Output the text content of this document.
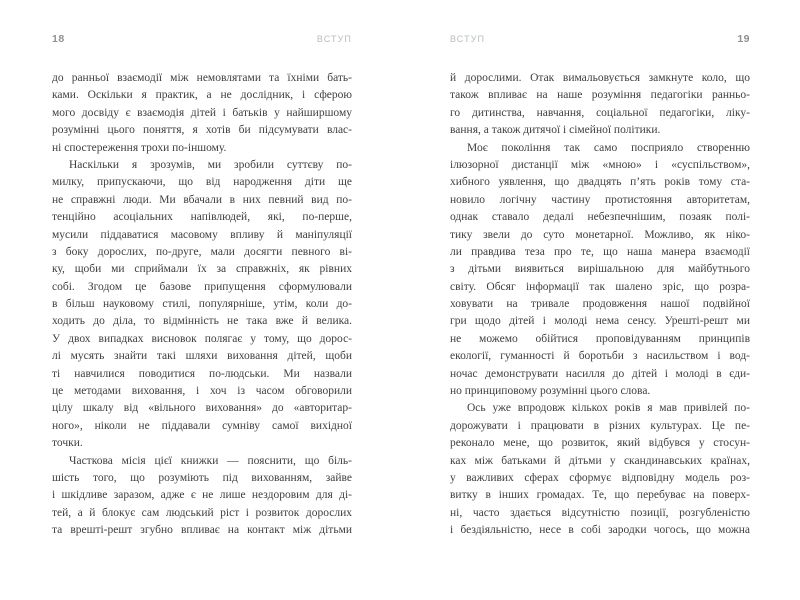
18	ВСТУП
до ранньої взаємодії між немовлятами та їхніми бать-
ками. Оскільки я практик, а не дослідник, і сферою
мого досвіду є взаємодія дітей і батьків у найширшому
розумінні цього поняття, я хотів би підсумувати влас-
ні спостереження трохи по-іншому.
Наскільки я зрозумів, ми зробили суттєву по-
милку, припускаючи, що від народження діти ще
не справжні люди. Ми вбачали в них певний вид по-
тенційно асоціальних напівлюдей, які, по-перше,
мусили піддаватися масовому впливу й маніпуляції
з боку дорослих, по-друге, мали досягти певного ві-
ку, щоби ми сприймали їх за справжніх, як рівних
собі. Згодом це базове припущення сформулювали
в більш науковому стилі, популярніше, утім, коли до-
ходить до діла, то відмінність не така вже й велика.
У двох випадках висновок полягає у тому, що дорос-
лі мусять знайти такі шляхи виховання дітей, щоби
ті навчилися поводитися по-людськи. Ми назвали
це методами виховання, і хоч із часом обговорили
цілу шкалу від «вільного виховання» до «авторитар-
ного», ніколи не піддавали сумніву самої вихідної
точки.
Часткова місія цієї книжки — пояснити, що біль-
шість того, що розуміють під вихованням, зайве
і шкідливе заразом, адже є не лише нездоровим для ді-
тей, а й блокує сам людський ріст і розвиток дорослих
та врешті-решт згубно впливає на контакт між дітьми
ВСТУП	19
й дорослими. Отак вимальовується замкнуте коло, що
також впливає на наше розуміння педагогіки ранньо-
го дитинства, навчання, соціальної педагогіки, ліку-
вання, а також дитячої і сімейної політики.
Моє покоління так само посприяло створенню
ілюзорної дистанції між «мною» і «суспільством»,
хибного уявлення, що двадцять п’ять років тому ста-
новило логічну частину протистояння авторитетам,
однак ставало дедалі небезпечнішим, позаяк полі-
тику звели до суто монетарної. Можливо, як ніко-
ли правдива теза про те, що наша манера взаємодії
з дітьми виявиться вирішальною для майбутнього
світу. Обсяг інформації так шалено зріс, що розра-
ховувати на тривале продовження нашої подвійної
гри щодо дітей і молоді нема сенсу. Урешті-решт ми
не можемо обійтися проповідуванням принципів
екології, гуманності й боротьби з насильством і вод-
ночас демонструвати насилля до дітей і молоді в єди-
но принциповому розумінні цього слова.
Ось уже впродовж кількох років я мав привілей по-
дорожувати і працювати в різних культурах. Це пе-
реконало мене, що розвиток, який відбувся у стосун-
ках між батьками й дітьми у скандинавських країнах,
у важливих сферах сформує відповідну модель роз-
витку в інших громадах. Те, що перебуває на поверх-
ні, часто здається відсутністю позиції, розгубленістю
і бездіяльністю, несе в собі зародки чогось, що можна
